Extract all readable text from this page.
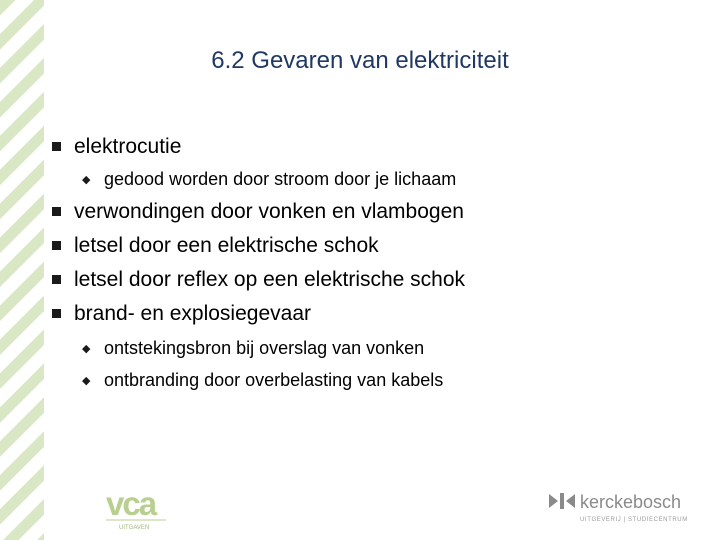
6.2 Gevaren van elektriciteit
elektrocutie
◆ gedood worden door stroom door je lichaam
verwondingen door vonken en vlambogen
letsel door een elektrische schok
letsel door reflex op een elektrische schok
brand- en explosiegevaar
◆ ontstekingsbron bij overslag van vonken
◆ ontbranding door overbelasting van kabels
vca
UITGAVEN
kerckebosch
UITGEVERIJ | STUDIECENTRUM
